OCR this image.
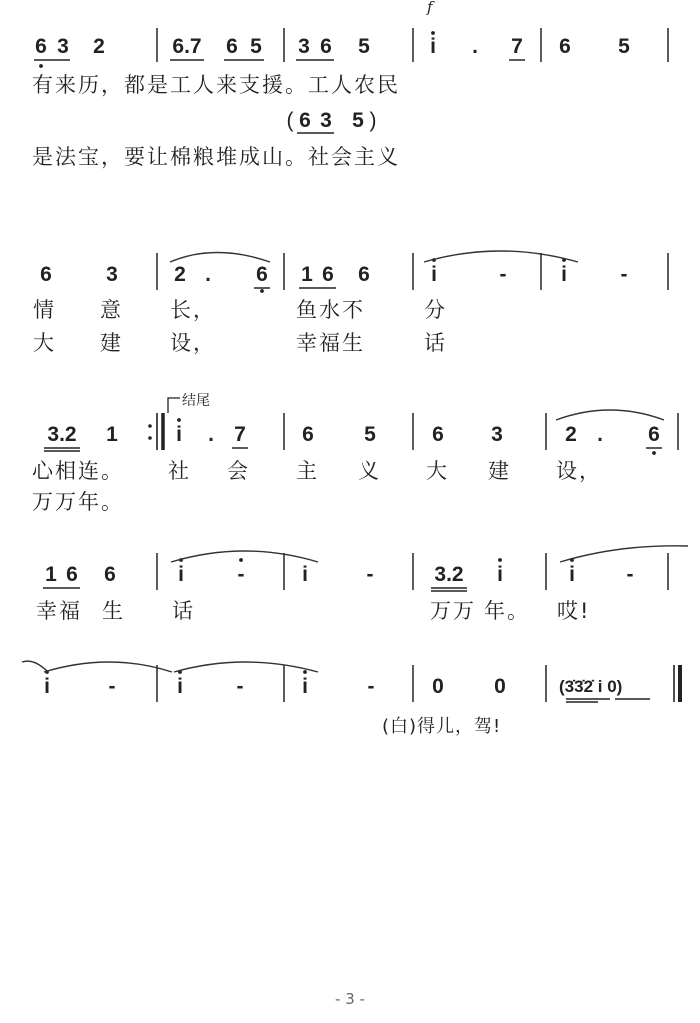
f
6 3 2	6.7 6 5 3 6 5	i . 7 6 5
有来历，都是工人来支援。工人农民
( 6 3 5 )
是法宝，要让棉粮堆成山。社会主义
6	3	2 . 6 1 6 6	i	-	i	-
情 意 长，	鱼水不	分
大 建 设，	幸福生	话
结尾
3.2 1	i . 7	6 5	6 3	2 . 6
心相连。 社 会 主 义 大 建 设，
万万年。
1 6 6	i	-	i	-	3.2 i	i -
幸福 生 话	万万 年。 哎!
i	-	i	-	i	-	0 0	(3̇3̇2̇ i 0)
(白)得儿，驾!
- 3 -
